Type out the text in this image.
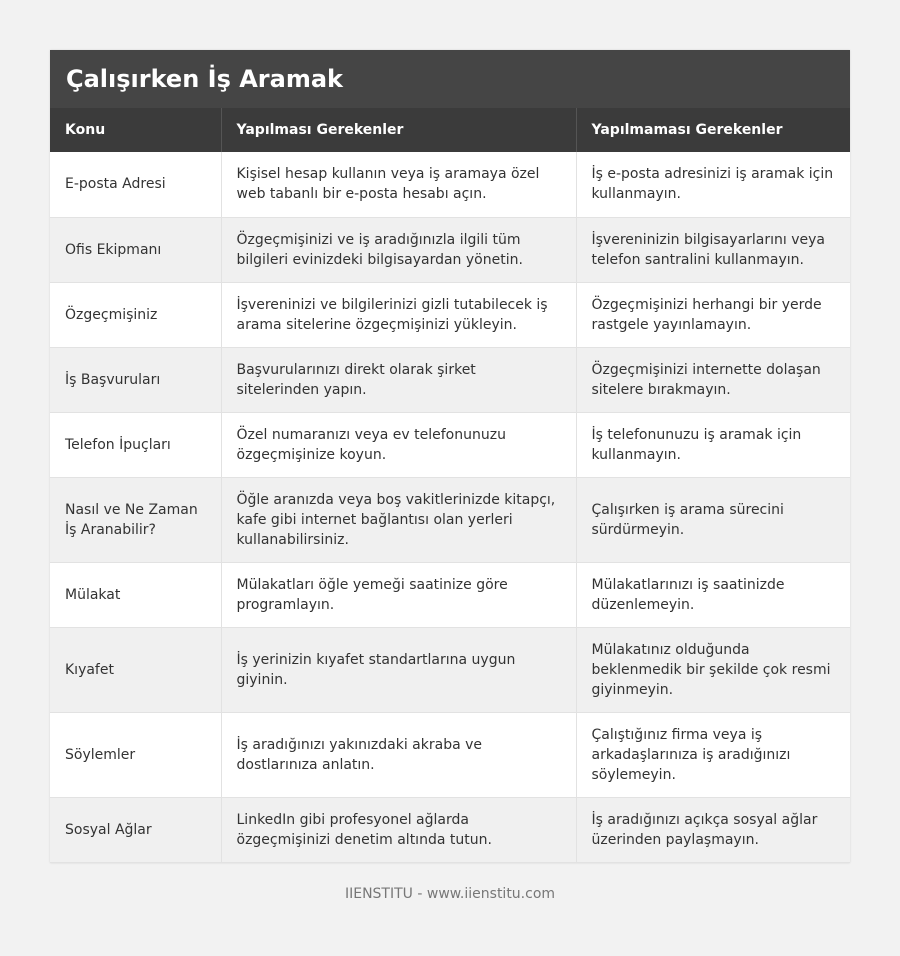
Çalışırken İş Aramak
Konu	Yapılması Gerekenler	Yapılmaması Gerekenler
E-posta Adresi	Kişisel hesap kullanın veya iş aramaya özel web tabanlı bir e-posta hesabı açın.	İş e-posta adresinizi iş aramak için kullanmayın.
Ofis Ekipmanı	Özgeçmişinizi ve iş aradığınızla ilgili tüm bilgileri evinizdeki bilgisayardan yönetin.	İşvereninizin bilgisayarlarını veya telefon santralini kullanmayın.
Özgeçmişiniz	İşvereninizi ve bilgilerinizi gizli tutabilecek iş arama sitelerine özgeçmişinizi yükleyin.	Özgeçmişinizi herhangi bir yerde rastgele yayınlamayın.
İş Başvuruları	Başvurularınızı direkt olarak şirket sitelerinden yapın.	Özgeçmişinizi internette dolaşan sitelere bırakmayın.
Telefon İpuçları	Özel numaranızı veya ev telefonunuzu özgeçmişinize koyun.	İş telefonunuzu iş aramak için kullanmayın.
Nasıl ve Ne Zaman İş Aranabilir?	Öğle aranızda veya boş vakitlerinizde kitapçı, kafe gibi internet bağlantısı olan yerleri kullanabilirsiniz.	Çalışırken iş arama sürecini sürdürmeyin.
Mülakat	Mülakatları öğle yemeği saatinize göre programlayın.	Mülakatlarınızı iş saatinizde düzenlemeyin.
Kıyafet	İş yerinizin kıyafet standartlarına uygun giyinin.	Mülakatınız olduğunda beklenmedik bir şekilde çok resmi giyinmeyin.
Söylemler	İş aradığınızı yakınızdaki akraba ve dostlarınıza anlatın.	Çalıştığınız firma veya iş arkadaşlarınıza iş aradığınızı söylemeyin.
Sosyal Ağlar	LinkedIn gibi profesyonel ağlarda özgeçmişinizi denetim altında tutun.	İş aradığınızı açıkça sosyal ağlar üzerinden paylaşmayın.
IIENSTITU - www.iienstitu.com
